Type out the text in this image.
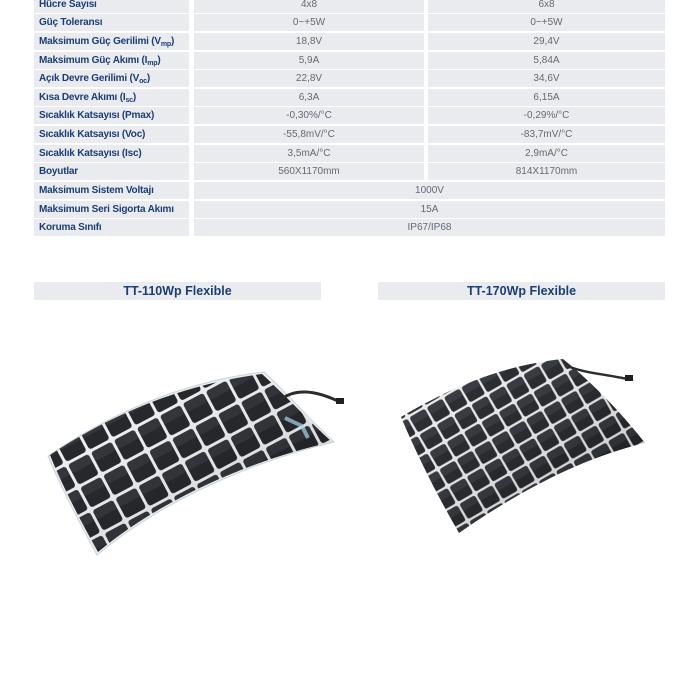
Hücre Sayısı	4x8	6x8
Güç Toleransı	0~+5W	0~+5W
Maksimum Güç Gerilimi $(V_{mp})$	18,8V	29,4V
Maksimum Güç Akımı $(I_{mp})$	5,9A	5,84A
Açık Devre Gerilimi $(V_{oc})$	22,8V	34,6V
Kısa Devre Akımı $(I_{sc})$	6,3A	6,15A
Sıcaklık Katsayısı (Pmax)	-0,30%/°C	-0,29%/°C
Sıcaklık Katsayısı (Voc)	-55,8mV/°C	-83,7mV/°C
Sıcaklık Katsayısı (Isc)	3,5mA/°C	2,9mA/°C
Boyutlar	560X1170mm	814X1170mm
Maksimum Sistem Voltajı	1000V
Maksimum Seri Sigorta Akımı	15A
Koruma Sınıfı	IP67/IP68
TT-110Wp Flexible	TT-170Wp Flexible
